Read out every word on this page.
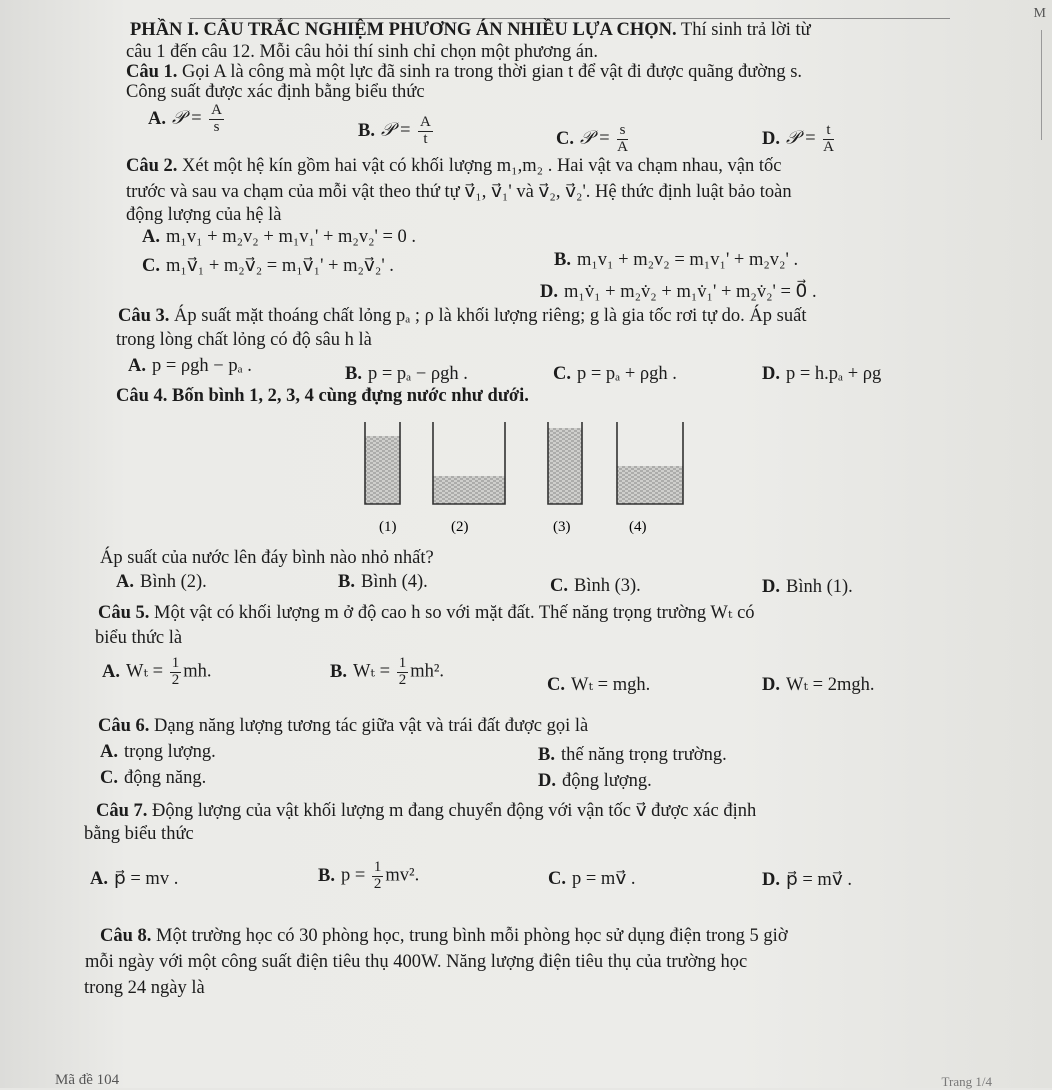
M
PHẦN I. CÂU TRẮC NGHIỆM PHƯƠNG ÁN NHIỀU LỰA CHỌN. Thí sinh trả lời từ
câu 1 đến câu 12. Mỗi câu hỏi thí sinh chỉ chọn một phương án.
Câu 1. Gọi A là công mà một lực đã sinh ra trong thời gian t để vật đi được quãng đường s.
Công suất được xác định bằng biểu thức
A. 𝒫 = $\frac{A}{s}$	B. 𝒫 = $\frac{A}{t}$	C. 𝒫 = $\frac{s}{A}$	D. 𝒫 = $\frac{t}{A}$
Câu 2. Xét một hệ kín gồm hai vật có khối lượng m₁,m₂ . Hai vật va chạm nhau, vận tốc
trước và sau va chạm của mỗi vật theo thứ tự v⃗₁, v⃗₁' và v⃗₂, v⃗₂'. Hệ thức định luật bảo toàn
động lượng của hệ là
A. m₁v₁ + m₂v₂ + m₁v₁' + m₂v₂' = 0 .
B. m₁v₁ + m₂v₂ = m₁v₁' + m₂v₂' .
C. m₁v⃗₁ + m₂v⃗₂ = m₁v⃗₁' + m₂v⃗₂' .
D. m₁v̇₁ + m₂v̇₂ + m₁v̇₁' + m₂v̇₂' = 0⃗ .
Câu 3. Áp suất mặt thoáng chất lỏng pₐ ; ρ là khối lượng riêng; g là gia tốc rơi tự do. Áp suất
trong lòng chất lỏng có độ sâu h là
A. p = ρgh − pₐ .	B. p = pₐ − ρgh .	C. p = pₐ + ρgh .	D. p = h.pₐ + ρg
Câu 4. Bốn bình 1, 2, 3, 4 cùng đựng nước như dưới.
(1)	(2)	(3)	(4)
Áp suất của nước lên đáy bình nào nhỏ nhất?
A. Bình (2).	B. Bình (4).	C. Bình (3).	D. Bình (1).
Câu 5. Một vật có khối lượng m ở độ cao h so với mặt đất. Thế năng trọng trường Wₜ có
biểu thức là
A. $W_t = \frac{1}{2}$ mh.	B. $W_t = \frac{1}{2} mh^2$.
C. Wₜ = mgh.	D. Wₜ = 2mgh.
Câu 6. Dạng năng lượng tương tác giữa vật và trái đất được gọi là
A. trọng lượng.	B. thế năng trọng trường.
C. động năng.	D. động lượng.
Câu 7. Động lượng của vật khối lượng m đang chuyển động với vận tốc v⃗ được xác định
bằng biểu thức
A. p⃗ = mv .	B. $p = \frac{1}{2} mv^2$.	C. p = mv⃗ .	D. p⃗ = mv⃗ .
Câu 8. Một trường học có 30 phòng học, trung bình mỗi phòng học sử dụng điện trong 5 giờ
mỗi ngày với một công suất điện tiêu thụ 400W. Năng lượng điện tiêu thụ của trường học
trong 24 ngày là
Mã đề 104	Trang 1/4
